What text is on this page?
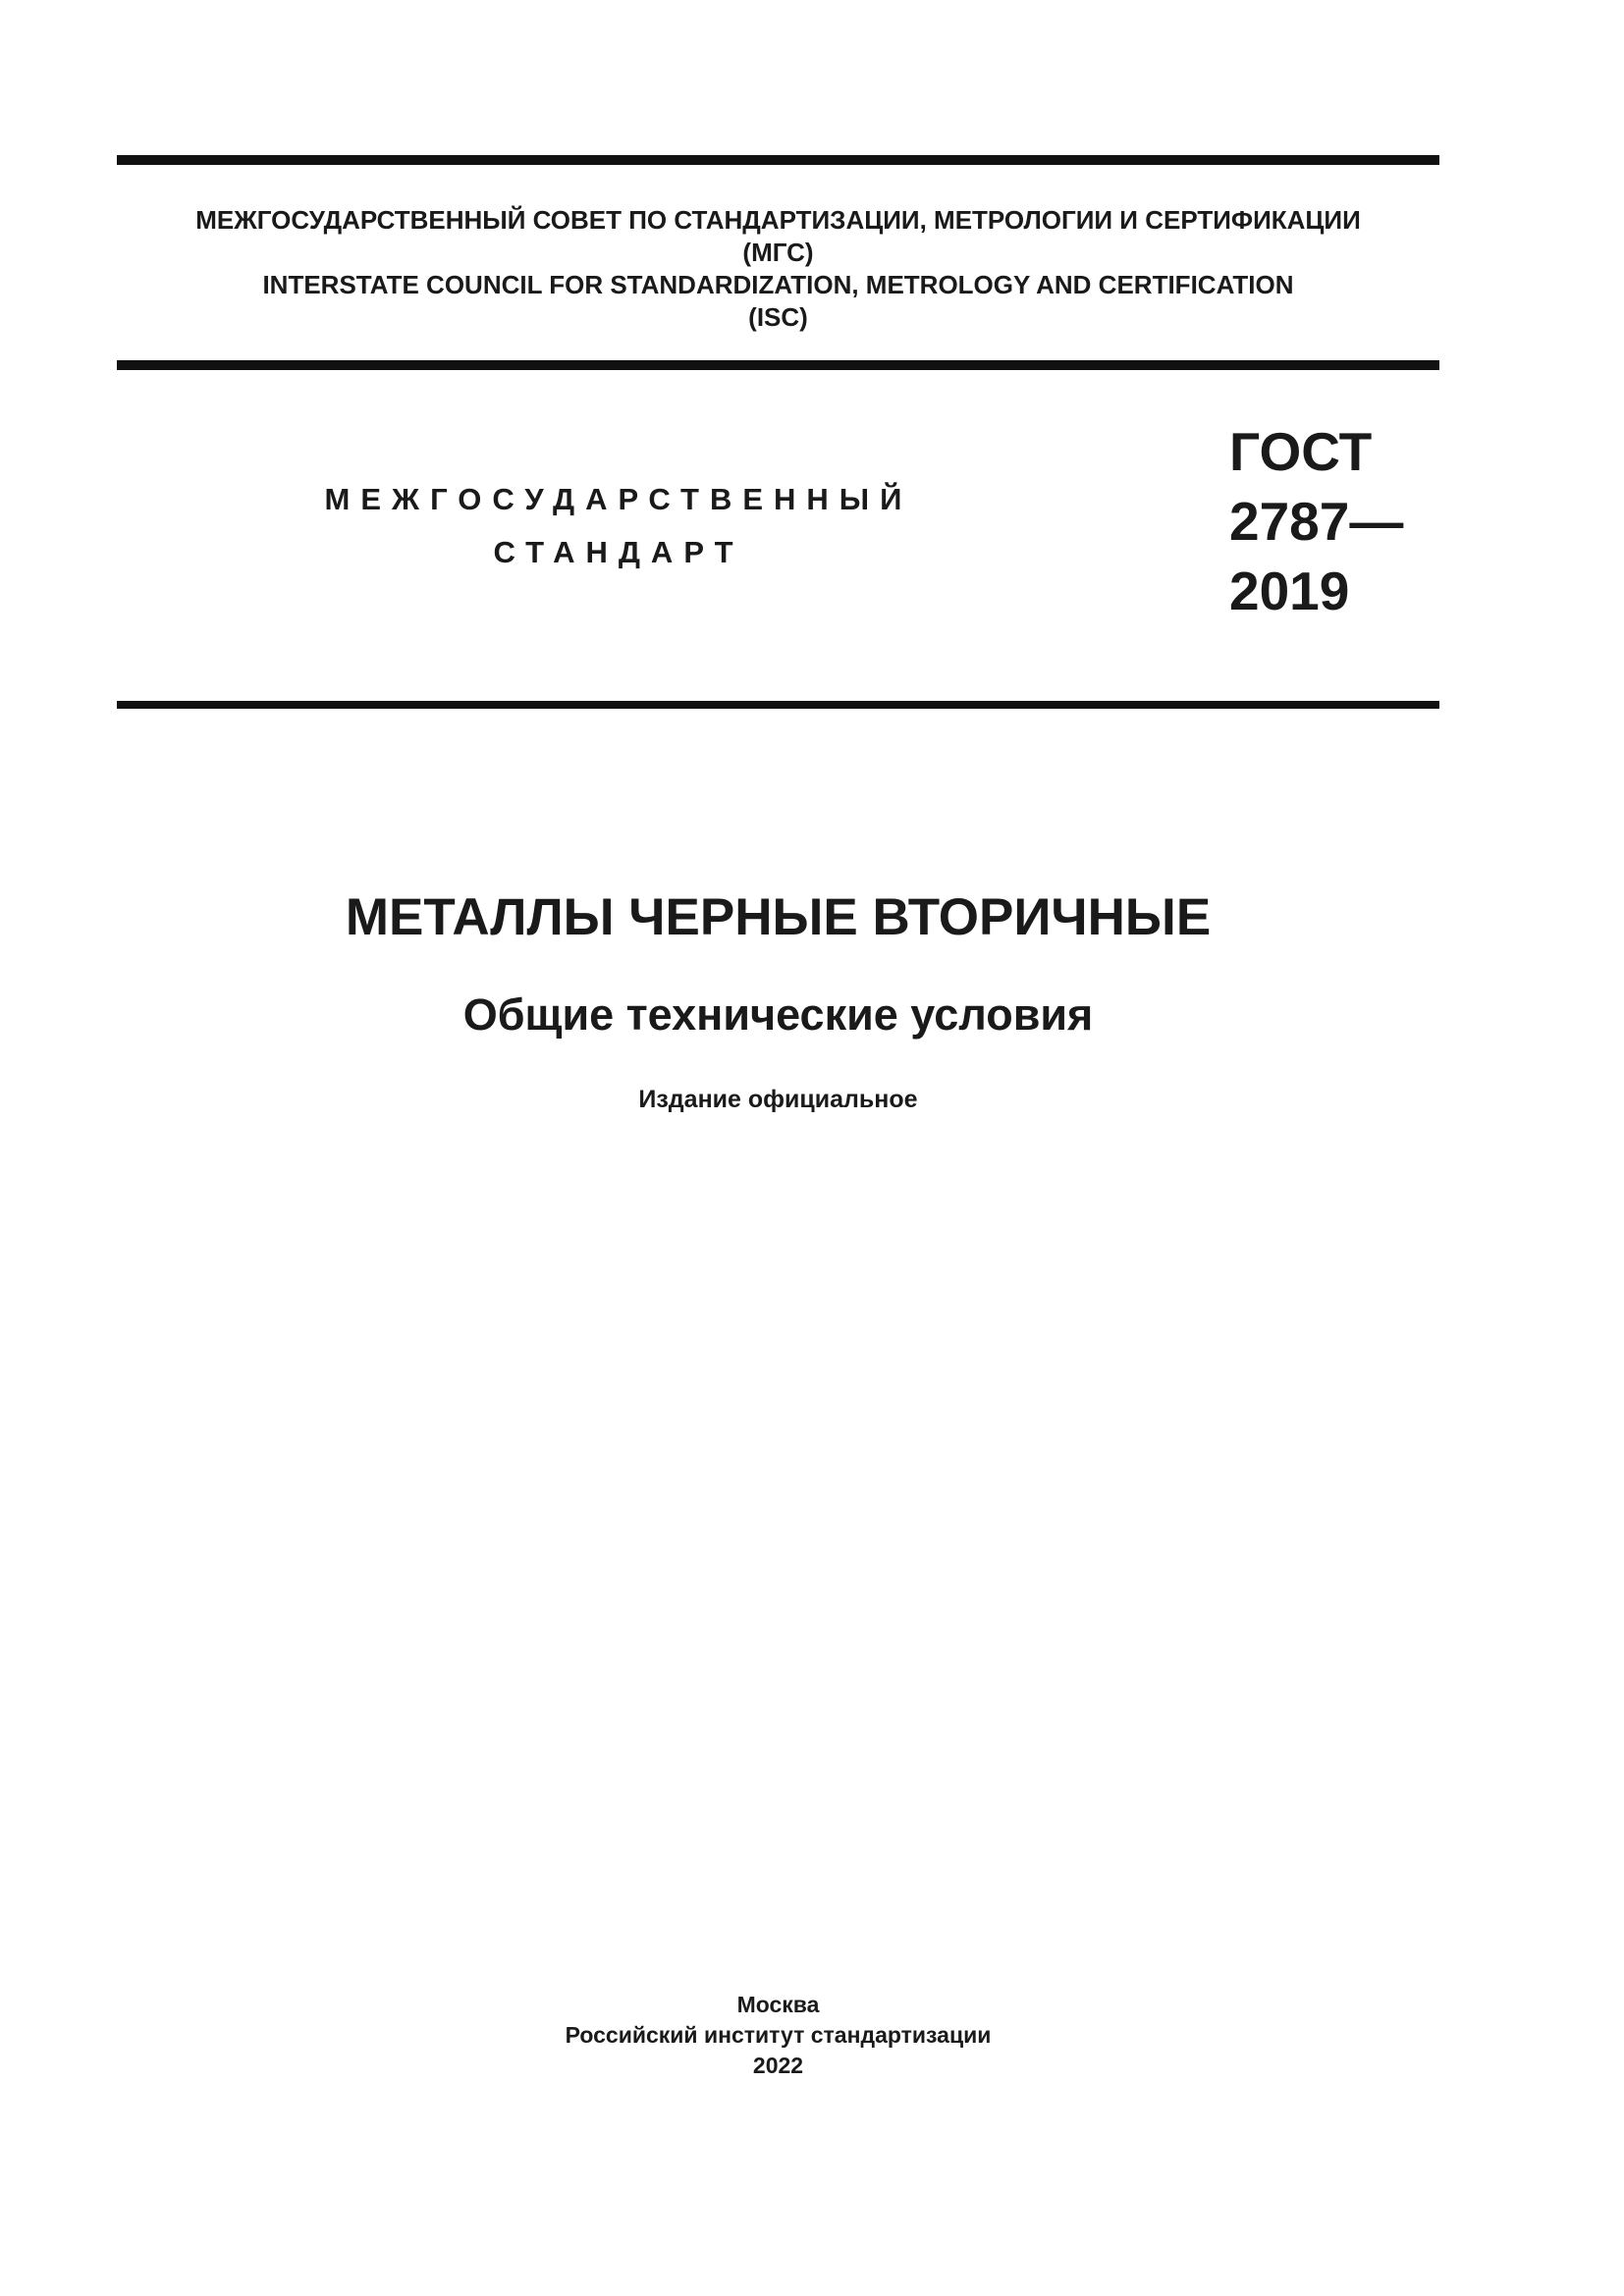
МЕЖГОСУДАРСТВЕННЫЙ СОВЕТ ПО СТАНДАРТИЗАЦИИ, МЕТРОЛОГИИ И СЕРТИФИКАЦИИ
(МГС)
INTERSTATE COUNCIL FOR STANDARDIZATION, METROLOGY AND CERTIFICATION
(ISC)
МЕЖГОСУДАРСТВЕННЫЙ
СТАНДАРТ
ГОСТ
2787—
2019
МЕТАЛЛЫ ЧЕРНЫЕ ВТОРИЧНЫЕ
Общие технические условия
Издание официальное
Москва
Российский институт стандартизации
2022
